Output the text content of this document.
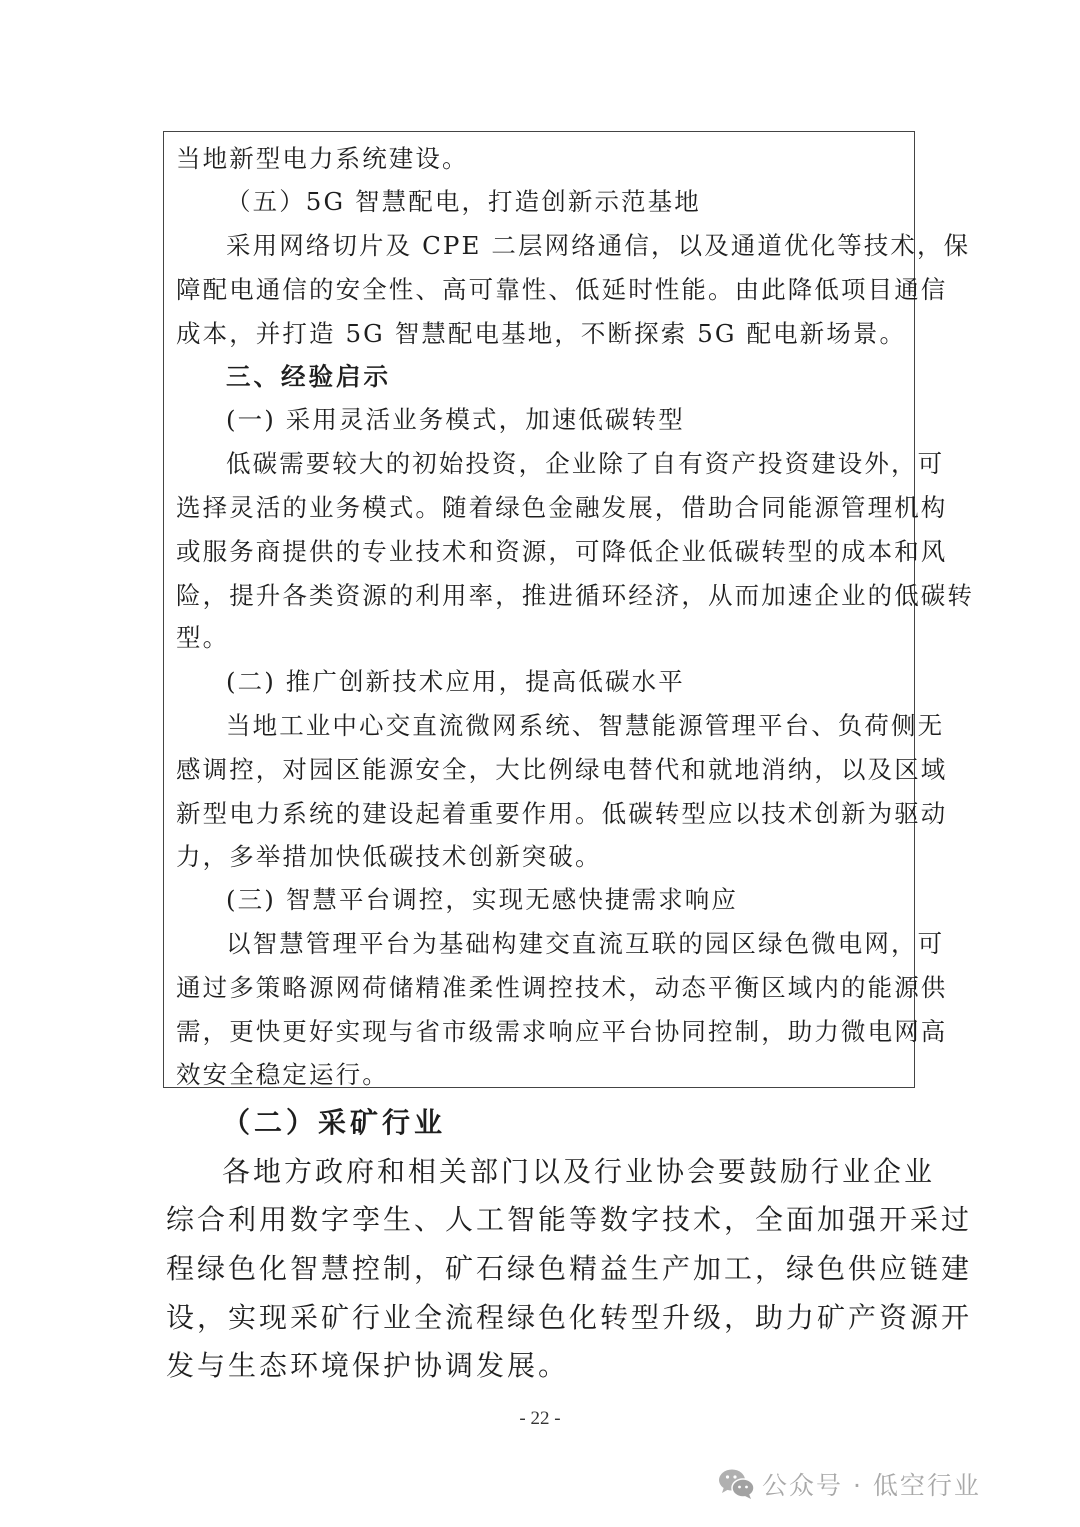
当地新型电力系统建设。
（五）5G 智慧配电，打造创新示范基地
采用网络切片及 CPE 二层网络通信，以及通道优化等技术，保
障配电通信的安全性、高可靠性、低延时性能。由此降低项目通信
成本，并打造 5G 智慧配电基地，不断探索 5G 配电新场景。
三、经验启示
(一) 采用灵活业务模式，加速低碳转型
低碳需要较大的初始投资，企业除了自有资产投资建设外，可
选择灵活的业务模式。随着绿色金融发展，借助合同能源管理机构
或服务商提供的专业技术和资源，可降低企业低碳转型的成本和风
险，提升各类资源的利用率，推进循环经济，从而加速企业的低碳转
型。
(二) 推广创新技术应用，提高低碳水平
当地工业中心交直流微网系统、智慧能源管理平台、负荷侧无
感调控，对园区能源安全，大比例绿电替代和就地消纳，以及区域
新型电力系统的建设起着重要作用。低碳转型应以技术创新为驱动
力，多举措加快低碳技术创新突破。
(三) 智慧平台调控，实现无感快捷需求响应
以智慧管理平台为基础构建交直流互联的园区绿色微电网，可
通过多策略源网荷储精准柔性调控技术，动态平衡区域内的能源供
需，更快更好实现与省市级需求响应平台协同控制，助力微电网高
效安全稳定运行。
（二）采矿行业
各地方政府和相关部门以及行业协会要鼓励行业企业
综合利用数字孪生、人工智能等数字技术，全面加强开采过
程绿色化智慧控制，矿石绿色精益生产加工，绿色供应链建
设，实现采矿行业全流程绿色化转型升级，助力矿产资源开
发与生态环境保护协调发展。
- 22 -
公众号 · 低空行业
